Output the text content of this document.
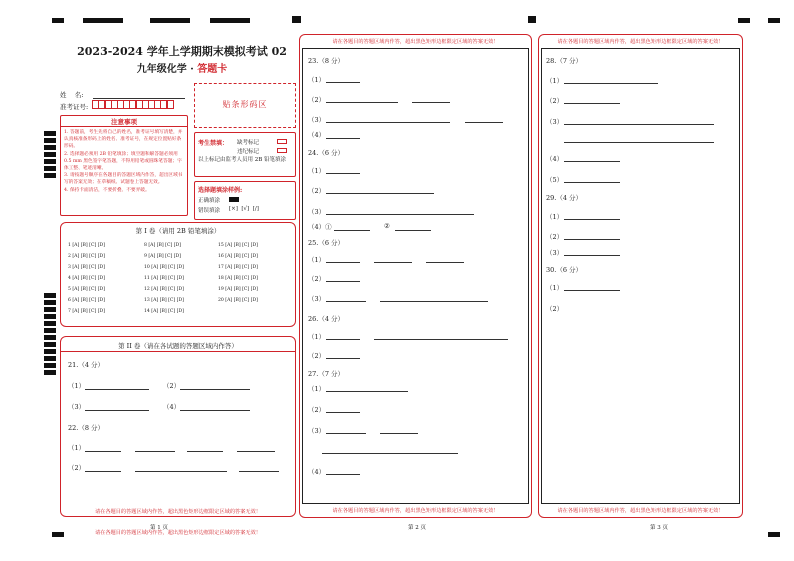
2023-2024 学年上学期期末模拟考试 02
九年级化学 · 答题卡
姓    名:
准考证号:	贴条形码区
注意事项
1. 答题前，考生先将自己的姓名，准考证号填写清楚，并认真核准条形码上的姓名、准考证号，在规定位置贴好条形码。
2. 选择题必须用 2B 铅笔填涂；填空题和解答题必须用 0.5 mm 黑色签字笔答题，不得用铅笔或圆珠笔答题；字体工整、笔迹清晰。
3. 请按题号顺序在各题目的答题区域内作答，超出区域书写的答案无效；在草稿纸、试题卷上答题无效。
4. 保持卡面清洁，不要折叠、不要弄破。
考生禁填： 缺考标记
违纪标记
以上标记由监考人员用 2B 铅笔填涂
选择题填涂样例:
正确填涂
错误填涂 [×]  [√]  [/]
第 I 卷（请用 2B 铅笔填涂）
1 [A] [B] [C] [D]
2 [A] [B] [C] [D]
3 [A] [B] [C] [D]
4 [A] [B] [C] [D]
5 [A] [B] [C] [D]
6 [A] [B] [C] [D]
7 [A] [B] [C] [D]
8 [A] [B] [C] [D]
9 [A] [B] [C] [D]
10 [A] [B] [C] [D]
11 [A] [B] [C] [D]
12 [A] [B] [C] [D]
13 [A] [B] [C] [D]
14 [A] [B] [C] [D]
15 [A] [B] [C] [D]
16 [A] [B] [C] [D]
17 [A] [B] [C] [D]
18 [A] [B] [C] [D]
19 [A] [B] [C] [D]
20 [A] [B] [C] [D]
第 II 卷（请在各试题的答题区域内作答）
21.（4 分）
（1）	（2）
（3）	（4）
22.（8 分）
（1）
（2）
请在各题目的答题区域内作答，超出黑色矩形边框限定区域的答案无效！
第 1 页
请在各题目的答题区域内作答，超出黑色矩形边框限定区域的答案无效！
请在各题目的答题区域内作答，超出黑色矩形边框限定区域的答案无效！
23.（8 分）
（1）
（2）
（3）
（4）
24.（6 分）
（1）
（2）
（3）
（4）①	②
25.（6 分）
（1）
（2）
（3）
26.（4 分）
（1）
（2）
27.（7 分）
（1）
（2）
（3）
（4）
请在各题目的答题区域内作答，超出黑色矩形边框限定区域的答案无效！
第 2 页
请在各题目的答题区域内作答，超出黑色矩形边框限定区域的答案无效！
28.（7 分）
（1）
（2）
（3）
（4）
（5）
29.（4 分）
（1）
（2）
（3）
30.（6 分）
（1）
（2）
请在各题目的答题区域内作答，超出黑色矩形边框限定区域的答案无效！
第 3 页
